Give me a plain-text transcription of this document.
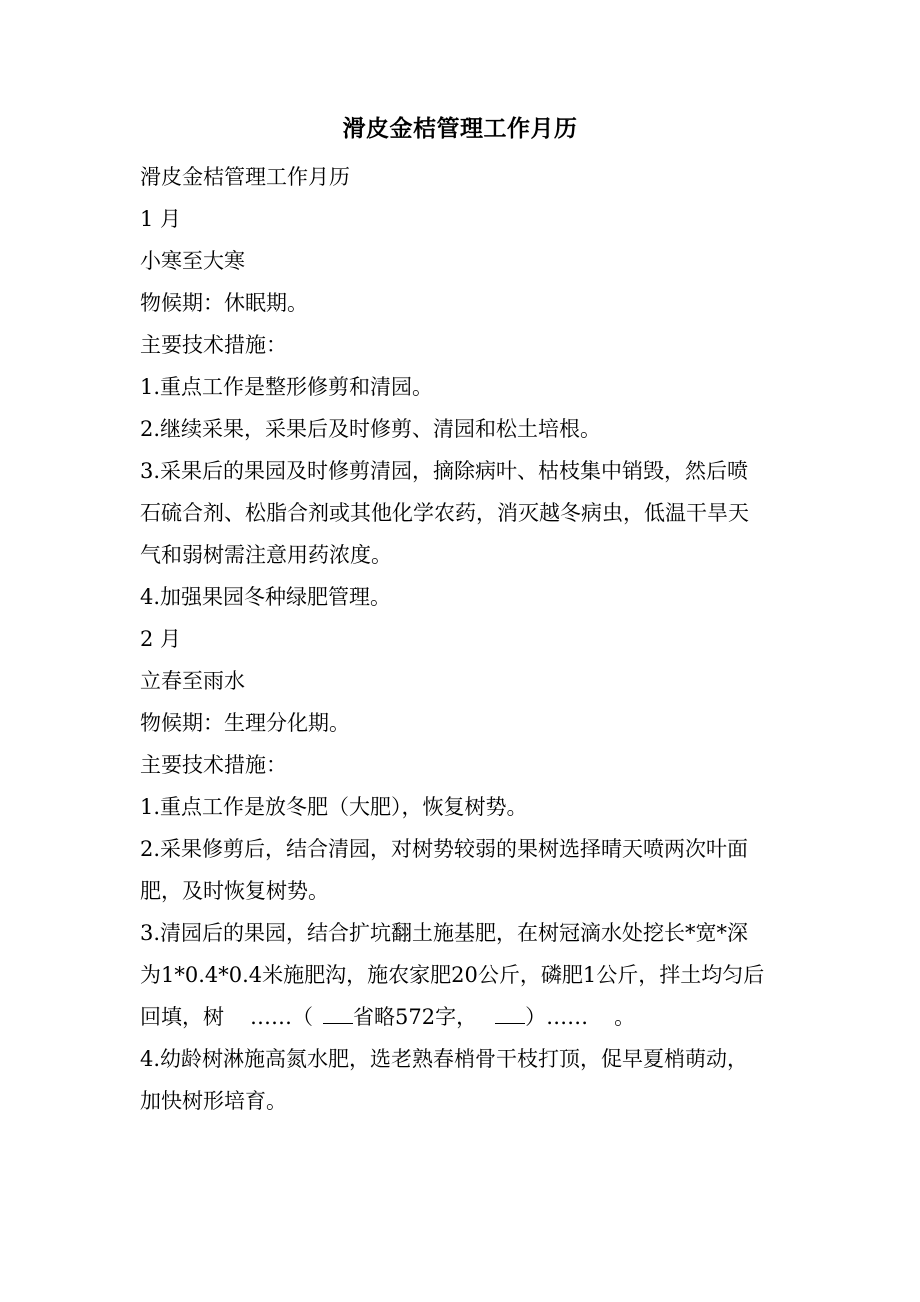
滑皮金桔管理工作月历
滑皮金桔管理工作月历
1 月
小寒至大寒
物候期：休眠期。
主要技术措施：
1.重点工作是整形修剪和清园。
2.继续采果，采果后及时修剪、清园和松土培根。
3.采果后的果园及时修剪清园，摘除病叶、枯枝集中销毁，然后喷
石硫合剂、松脂合剂或其他化学农药，消灭越冬病虫，低温干旱天
气和弱树需注意用药浓度。
4.加强果园冬种绿肥管理。
2 月
立春至雨水
物候期：生理分化期。
主要技术措施：
1.重点工作是放冬肥（大肥），恢复树势。
2.采果修剪后，结合清园，对树势较弱的果树选择晴天喷两次叶面
肥，及时恢复树势。
3.清园后的果园，结合扩坑翻土施基肥，在树冠滴水处挖长*宽*深
为1*0.4*0.4米施肥沟，施农家肥20公斤，磷肥1公斤，拌土均匀后
回填，树 ……（ 省略572字， ）…… 。
4.幼龄树淋施高氮水肥，选老熟春梢骨干枝打顶，促早夏梢萌动，
加快树形培育。
